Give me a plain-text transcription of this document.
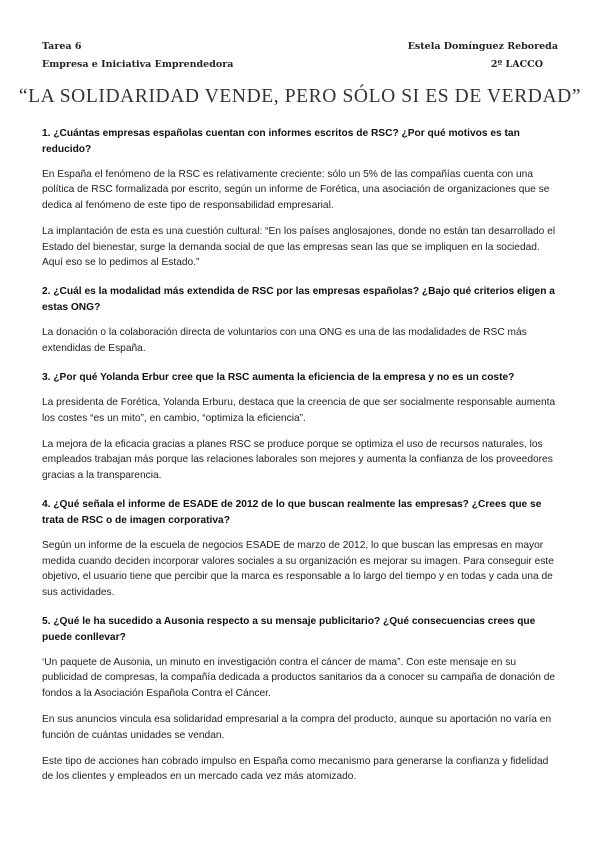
Tarea 6	Estela Domínguez Reboreda
Empresa e Iniciativa Emprendedora	2º LACCO
“LA SOLIDARIDAD VENDE, PERO SÓLO SI ES DE VERDAD”

1. ¿Cuántas empresas españolas cuentan con informes escritos de RSC? ¿Por qué motivos es tan reducido?

En España el fenómeno de la RSC es relativamente creciente: sólo un 5% de las compañías cuenta con una política de RSC formalizada por escrito, según un informe de Forética, una asociación de organizaciones que se dedica al fenómeno de este tipo de responsabilidad empresarial.

La implantación de esta es una cuestión cultural: “En los países anglosajones, donde no están tan desarrollado el Estado del bienestar, surge la demanda social de que las empresas sean las que se impliquen en la sociedad. Aquí eso se lo pedimos al Estado.”

2. ¿Cuál es la modalidad más extendida de RSC por las empresas españolas? ¿Bajo qué criterios eligen a estas ONG?

La donación o la colaboración directa de voluntarios con una ONG es una de las modalidades de RSC más extendidas de España.

3. ¿Por qué Yolanda Erbur cree que la RSC aumenta la eficiencia de la empresa y no es un coste?

La presidenta de Forética, Yolanda Erburu, destaca que la creencia de que ser socialmente responsable aumenta los costes “es un mito”, en cambio, “optimiza la eficiencia”.

La mejora de la eficacia gracias a planes RSC se produce porque se optimiza el uso de recursos naturales, los empleados trabajan más porque las relaciones laborales son mejores y aumenta la confianza de los proveedores gracias a la transparencia.

4. ¿Qué señala el informe de ESADE de 2012 de lo que buscan realmente las empresas? ¿Crees que se trata de RSC o de imagen corporativa?

Según un informe de la escuela de negocios ESADE de marzo de 2012, lo que buscan las empresas en mayor medida cuando deciden incorporar valores sociales a su organización es mejorar su imagen. Para conseguir este objetivo, el usuario tiene que percibir que la marca es responsable a lo largo del tiempo y en todas y cada una de sus actividades.

5. ¿Qué le ha sucedido a Ausonia respecto a su mensaje publicitario? ¿Qué consecuencias crees que puede conllevar?

‘Un paquete de Ausonia, un minuto en investigación contra el cáncer de mama”. Con este mensaje en su publicidad de compresas, la compañía dedicada a productos sanitarios da a conocer su campaña de donación de fondos a la Asociación Española Contra el Cáncer.

En sus anuncios vincula esa solidaridad empresarial a la compra del producto, aunque su aportación no varía en función de cuántas unidades se vendan.

Este tipo de acciones han cobrado impulso en España como mecanismo para generarse la confianza y fidelidad de los clientes y empleados en un mercado cada vez más atomizado.
